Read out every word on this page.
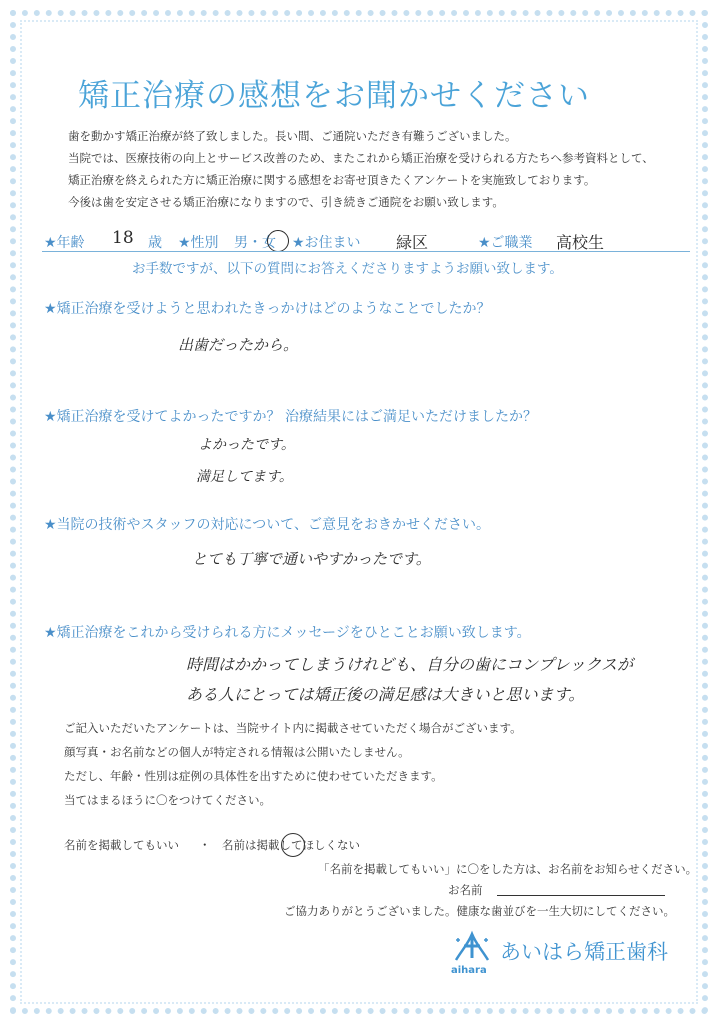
矯正治療の感想をお聞かせください
歯を動かす矯正治療が終了致しました。長い間、ご通院いただき有難うございました。
当院では、医療技術の向上とサービス改善のため、またこれから矯正治療を受けられる方たちへ参考資料として、
矯正治療を終えられた方に矯正治療に関する感想をお寄せ頂きたくアンケートを実施致しております。
今後は歯を安定させる矯正治療になりますので、引き続きご通院をお願い致します。
★年齢 18 歳 ★性別 男・女 ★お住まい 緑区	★ご職業 高校生
お手数ですが、以下の質問にお答えくださりますようお願い致します。
★矯正治療を受けようと思われたきっかけはどのようなことでしたか？
出歯だったから。
★矯正治療を受けてよかったですか？ 治療結果にはご満足いただけましたか？
よかったです。
満足してます。
★当院の技術やスタッフの対応について、ご意見をおきかせください。
とても丁寧で通いやすかったです。
★矯正治療をこれから受けられる方にメッセージをひとことお願い致します。
時間はかかってしまうけれども、自分の歯にコンプレックスが
ある人にとっては矯正後の満足感は大きいと思います。
ご記入いただいたアンケートは、当院サイト内に掲載させていただく場合がございます。
顔写真・お名前などの個人が特定される情報は公開いたしません。
ただし、年齢・性別は症例の具体性を出すために使わせていただきます。
当てはまるほうに〇をつけてください。
名前を掲載してもいい ・ 名前は掲載してほしくない
「名前を掲載してもいい」に〇をした方は、お名前をお知らせください。
お名前
ご協力ありがとうございました。健康な歯並びを一生大切にしてください。
あいはら矯正歯科
aihara
